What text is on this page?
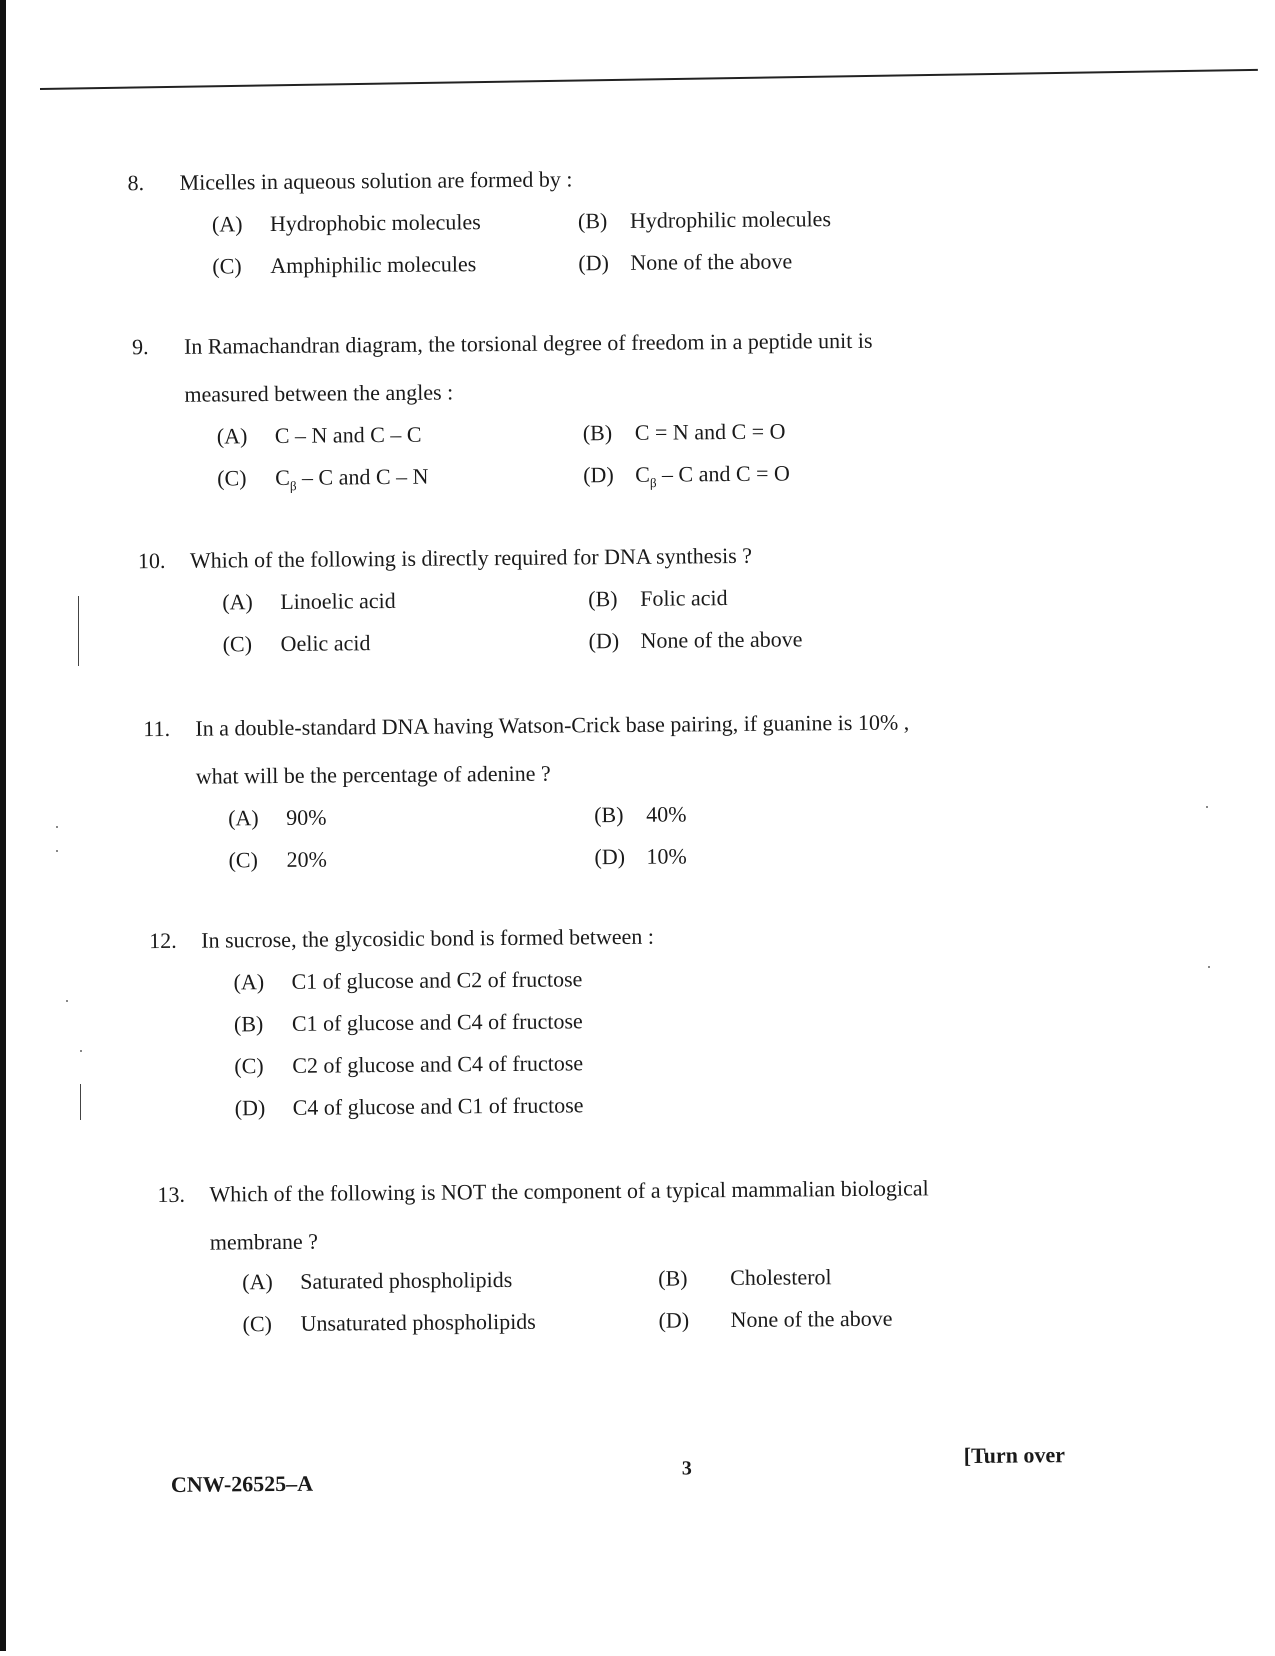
8. Micelles in aqueous solution are formed by :
(A) Hydrophobic molecules	(B) Hydrophilic molecules
(C) Amphiphilic molecules	(D) None of the above
9. In Ramachandran diagram, the torsional degree of freedom in a peptide unit is
measured between the angles :
(A) C – N and C – C	(B) C = N and C = O
(C) $C_\beta$ – C and C – N	(D) $C_\beta$ – C and C = O
10. Which of the following is directly required for DNA synthesis ?
(A) Linoelic acid	(B) Folic acid
(C) Oelic acid	(D) None of the above
11. In a double-standard DNA having Watson-Crick base pairing, if guanine is 10% ,
what will be the percentage of adenine ?
(A) 90%	(B) 40%
(C) 20%	(D) 10%
12. In sucrose, the glycosidic bond is formed between :
(A) C1 of glucose and C2 of fructose
(B) C1 of glucose and C4 of fructose
(C) C2 of glucose and C4 of fructose
(D) C4 of glucose and C1 of fructose
13. Which of the following is NOT the component of a typical mammalian biological
membrane ?
(A) Saturated phospholipids	(B) Cholesterol
(C) Unsaturated phospholipids	(D) None of the above
CNW-26525–A
3
[Turn over
